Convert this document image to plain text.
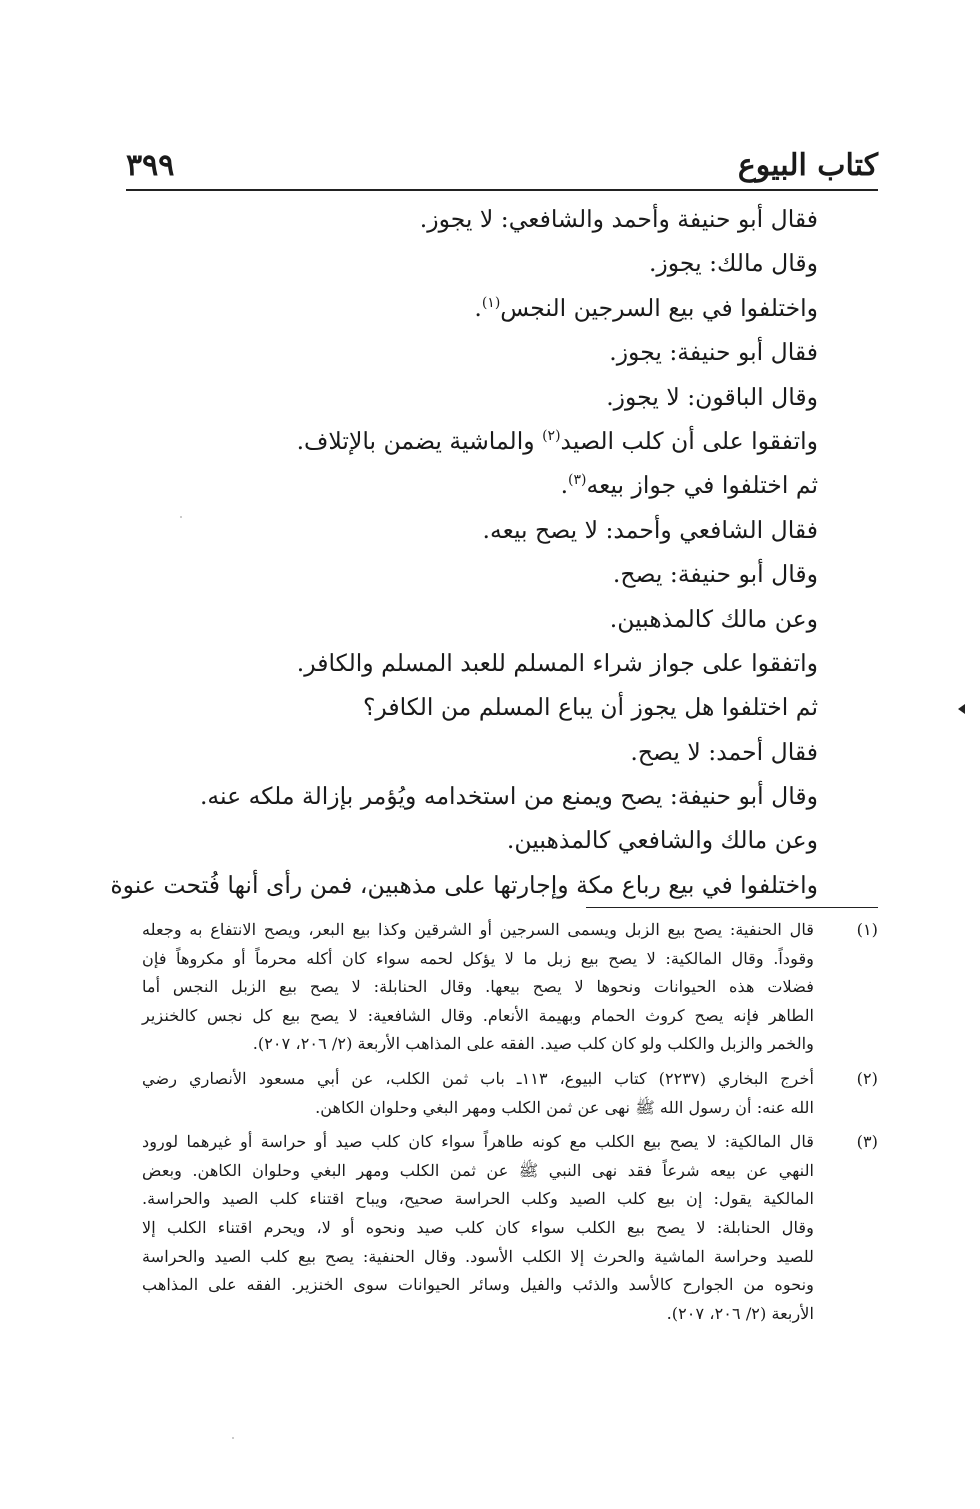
كتاب البيوع
٣٩٩

فقال أبو حنيفة وأحمد والشافعي: لا يجوز.

وقال مالك: يجوز.

واختلفوا في بيع السرجين النجس$^{(١)}$.

فقال أبو حنيفة: يجوز.

وقال الباقون: لا يجوز.

واتفقوا على أن كلب الصيد$^{(٢)}$ والماشية يضمن بالإتلاف.

ثم اختلفوا في جواز بيعه$^{(٣)}$.

فقال الشافعي وأحمد: لا يصح بيعه.

وقال أبو حنيفة: يصح.

وعن مالك كالمذهبين.

واتفقوا على جواز شراء المسلم للعبد المسلم والكافر.

ثم اختلفوا هل يجوز أن يباع المسلم من الكافر؟

فقال أحمد: لا يصح.

وقال أبو حنيفة: يصح ويمنع من استخدامه ويُؤمر بإزالة ملكه عنه.

وعن مالك والشافعي كالمذهبين.

واختلفوا في بيع رباع مكة وإجارتها على مذهبين، فمن رأى أنها فُتحت عنوة

(١)
قال الحنفية: يصح بيع الزبل ويسمى السرجين أو الشرقين وكذا بيع البعر، ويصح الانتفاع به وجعله
وقوداً. وقال المالكية: لا يصح بيع زبل ما لا يؤكل لحمه سواء كان أكله محرماً أو مكروهاً فإن
فضلات هذه الحيوانات ونحوها لا يصح بيعها. وقال الحنابلة: لا يصح بيع الزبل النجس أما
الطاهر فإنه يصح كروث الحمام وبهيمة الأنعام. وقال الشافعية: لا يصح بيع كل نجس كالخنزير
والخمر والزبل والكلب ولو كان كلب صيد. الفقه على المذاهب الأربعة (٢/ ٢٠٦، ٢٠٧).
(٢)
أخرج البخاري (٢٢٣٧) كتاب البيوع، ١١٣ـ باب ثمن الكلب، عن أبي مسعود الأنصاري رضي
الله عنه: أن رسول الله ﷺ نهى عن ثمن الكلب ومهر البغي وحلوان الكاهن.
(٣)
قال المالكية: لا يصح بيع الكلب مع كونه طاهراً سواء كان كلب صيد أو حراسة أو غيرهما لورود
النهي عن بيعه شرعاً فقد نهى النبي ﷺ عن ثمن الكلب ومهر البغي وحلوان الكاهن. وبعض
المالكية يقول: إن بيع كلب الصيد وكلب الحراسة صحيح، ويباح اقتناء كلب الصيد والحراسة.
وقال الحنابلة: لا يصح بيع الكلب سواء كان كلب صيد ونحوه أو لا، ويحرم اقتناء الكلب إلا
للصيد وحراسة الماشية والحرث إلا الكلب الأسود. وقال الحنفية: يصح بيع كلب الصيد والحراسة
ونحوه من الجوارح كالأسد والذئب والفيل وسائر الحيوانات سوى الخنزير. الفقه على المذاهب
الأربعة (٢/ ٢٠٦، ٢٠٧).
